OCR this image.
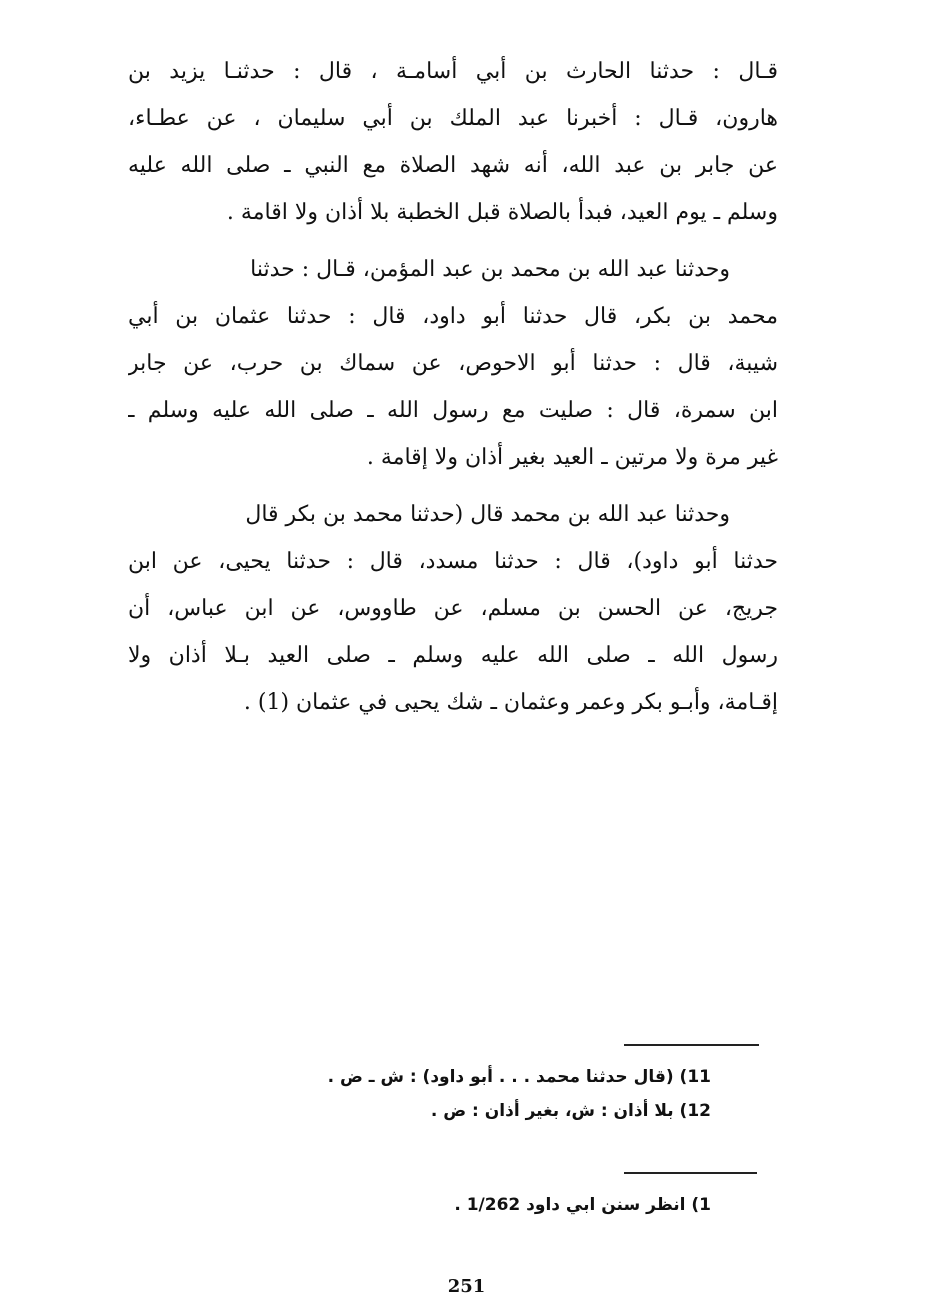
قـال : حدثنا الحارث بن أبي أسامـة ، قال : حدثنـا يزيد بن
هارون، قـال : أخبرنا عبد الملك بن أبي سليمان ، عن عطـاء،
عن جابر بن عبد الله، أنه شهد الصلاة مع النبي ـ صلى الله عليه
وسلم ـ يوم العيد، فبدأ بالصلاة قبل الخطبة بلا أذان ولا اقامة .
وحدثنا عبد الله بن محمد بن عبد المؤمن، قـال : حدثنا
محمد بن بكر، قال حدثنا أبو داود، قال : حدثنا عثمان بن أبي
شيبة، قال : حدثنا أبو الاحوص، عن سماك بن حرب، عن جابر
ابن سمرة، قال : صليت مع رسول الله ـ صلى الله عليه وسلم ـ
غير مرة ولا مرتين ـ العيد بغير أذان ولا إقامة .
وحدثنا عبد الله بن محمد قال (حدثنا محمد بن بكر قال
حدثنا أبو داود)، قال : حدثنا مسدد، قال : حدثنا يحيى، عن ابن
جريج، عن الحسن بن مسلم، عن طاووس، عن ابن عباس، أن
رسول الله ـ صلى الله عليه وسلم ـ صلى العيد بـلا أذان ولا
إقـامة، وأبـو بكر وعمر وعثمان ـ شك يحيى في عثمان (1) .
11) (قال حدثنا محمد . . . أبو داود) : ش ـ ض .
12) بلا أذان : ش، بغير أذان : ض .
1) انظر سنن ابي داود 1/262 .
251
